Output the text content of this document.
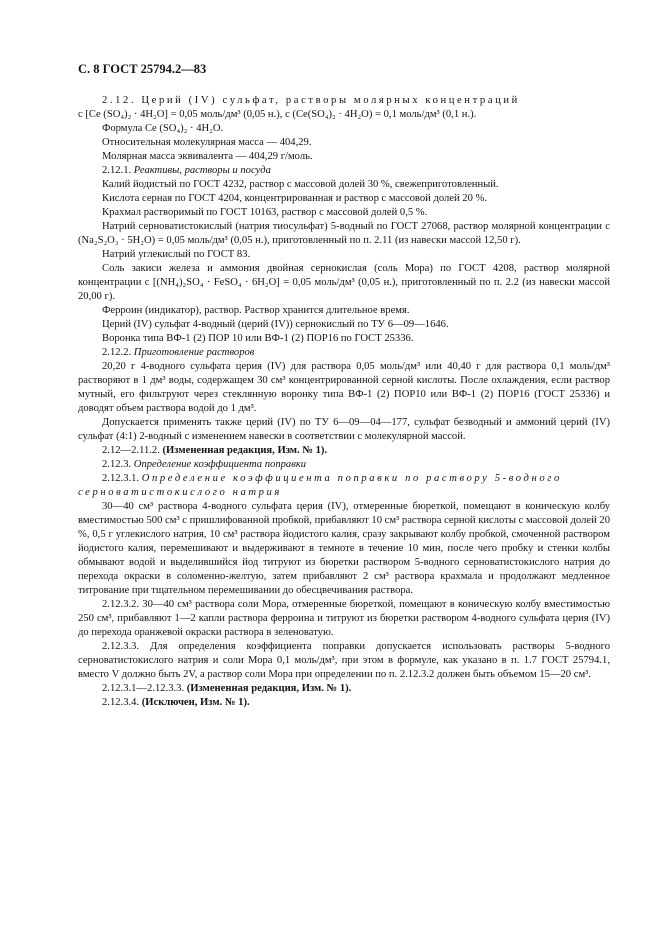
С. 8 ГОСТ 25794.2—83

2.12. Церий (IV) сульфат, растворы молярных концентраций

c [Ce (SO₄)₂ · 4H₂O] = 0,05 моль/дм³ (0,05 н.), c (Ce(SO₄)₂ · 4H₂O) = 0,1 моль/дм³ (0,1 н.).

Формула Ce (SO₄)₂ · 4H₂O.

Относительная молекулярная масса — 404,29.

Молярная масса эквивалента — 404,29 г/моль.

2.12.1. Реактивы, растворы и посуда

Калий йодистый по ГОСТ 4232, раствор с массовой долей 30 %, свежеприготовленный.

Кислота серная по ГОСТ 4204, концентрированная и раствор с массовой долей 20 %.

Крахмал растворимый по ГОСТ 10163, раствор с массовой долей 0,5 %.

Натрий серноватистокислый (натрия тиосульфат) 5-водный по ГОСТ 27068, раствор молярной концентрации c (Na₂S₂O₃ · 5H₂O) = 0,05 моль/дм³ (0,05 н.), приготовленный по п. 2.11 (из навески массой 12,50 г).

Натрий углекислый по ГОСТ 83.

Соль закиси железа и аммония двойная сернокислая (соль Мора) по ГОСТ 4208, раствор молярной концентрации c [(NH₄)₂SO₄ · FeSO₄ · 6H₂O] = 0,05 моль/дм³ (0,05 н.), приготовленный по п. 2.2 (из навески массой 20,00 г).

Ферроин (индикатор), раствор. Раствор хранится длительное время.

Церий (IV) сульфат 4-водный (церий (IV)) сернокислый по ТУ 6—09—1646.

Воронка типа ВФ-1 (2) ПОР 10 или ВФ-1 (2) ПОР16 по ГОСТ 25336.

2.12.2. Приготовление растворов

20,20 г 4-водного сульфата церия (IV) для раствора 0,05 моль/дм³ или 40,40 г для раствора 0,1 моль/дм³ растворяют в 1 дм³ воды, содержащем 30 см³ концентрированной серной кислоты. После охлаждения, если раствор мутный, его фильтруют через стеклянную воронку типа ВФ-1 (2) ПОР10 или ВФ-1 (2) ПОР16 (ГОСТ 25336) и доводят объем раствора водой до 1 дм³.

Допускается применять также церий (IV) по ТУ 6—09—04—177, сульфат безводный и аммоний церий (IV) сульфат (4:1) 2-водный с изменением навески в соответствии с молекулярной массой.

2.12—2.11.2. (Измененная редакция, Изм. № 1).

2.12.3. Определение коэффициента поправки

2.12.3.1. Определение коэффициента поправки по раствору 5-водного

серноватистокислого натрия

30—40 см³ раствора 4-водного сульфата церия (IV), отмеренные бюреткой, помещают в коническую колбу вместимостью 500 см³ с пришлифованной пробкой, прибавляют 10 см³ раствора серной кислоты с массовой долей 20 %, 0,5 г углекислого натрия, 10 см³ раствора йодистого калия, сразу закрывают колбу пробкой, смоченной раствором йодистого калия, перемешивают и выдерживают в темноте в течение 10 мин, после чего пробку и стенки колбы обмывают водой и выделившийся йод титруют из бюретки раствором 5-водного серноватистокислого натрия до перехода окраски в соломенно-желтую, затем прибавляют 2 см³ раствора крахмала и продолжают медленное титрование при тщательном перемешивании до обесцвечивания раствора.

2.12.3.2. 30—40 см³ раствора соли Мора, отмеренные бюреткой, помещают в коническую колбу вместимостью 250 см³, прибавляют 1—2 капли раствора ферроина и титруют из бюретки раствором 4-водного сульфата церия (IV) до перехода оранжевой окраски раствора в зеленоватую.

2.12.3.3. Для определения коэффициента поправки допускается использовать растворы 5-водного серноватистокислого натрия и соли Мора 0,1 моль/дм³, при этом в формуле, как указано в п. 1.7 ГОСТ 25794.1, вместо V должно быть 2V, а раствор соли Мора при определении по п. 2.12.3.2 должен быть объемом 15—20 см³.

2.12.3.1—2.12.3.3. (Измененная редакция, Изм. № 1).

2.12.3.4. (Исключен, Изм. № 1).
